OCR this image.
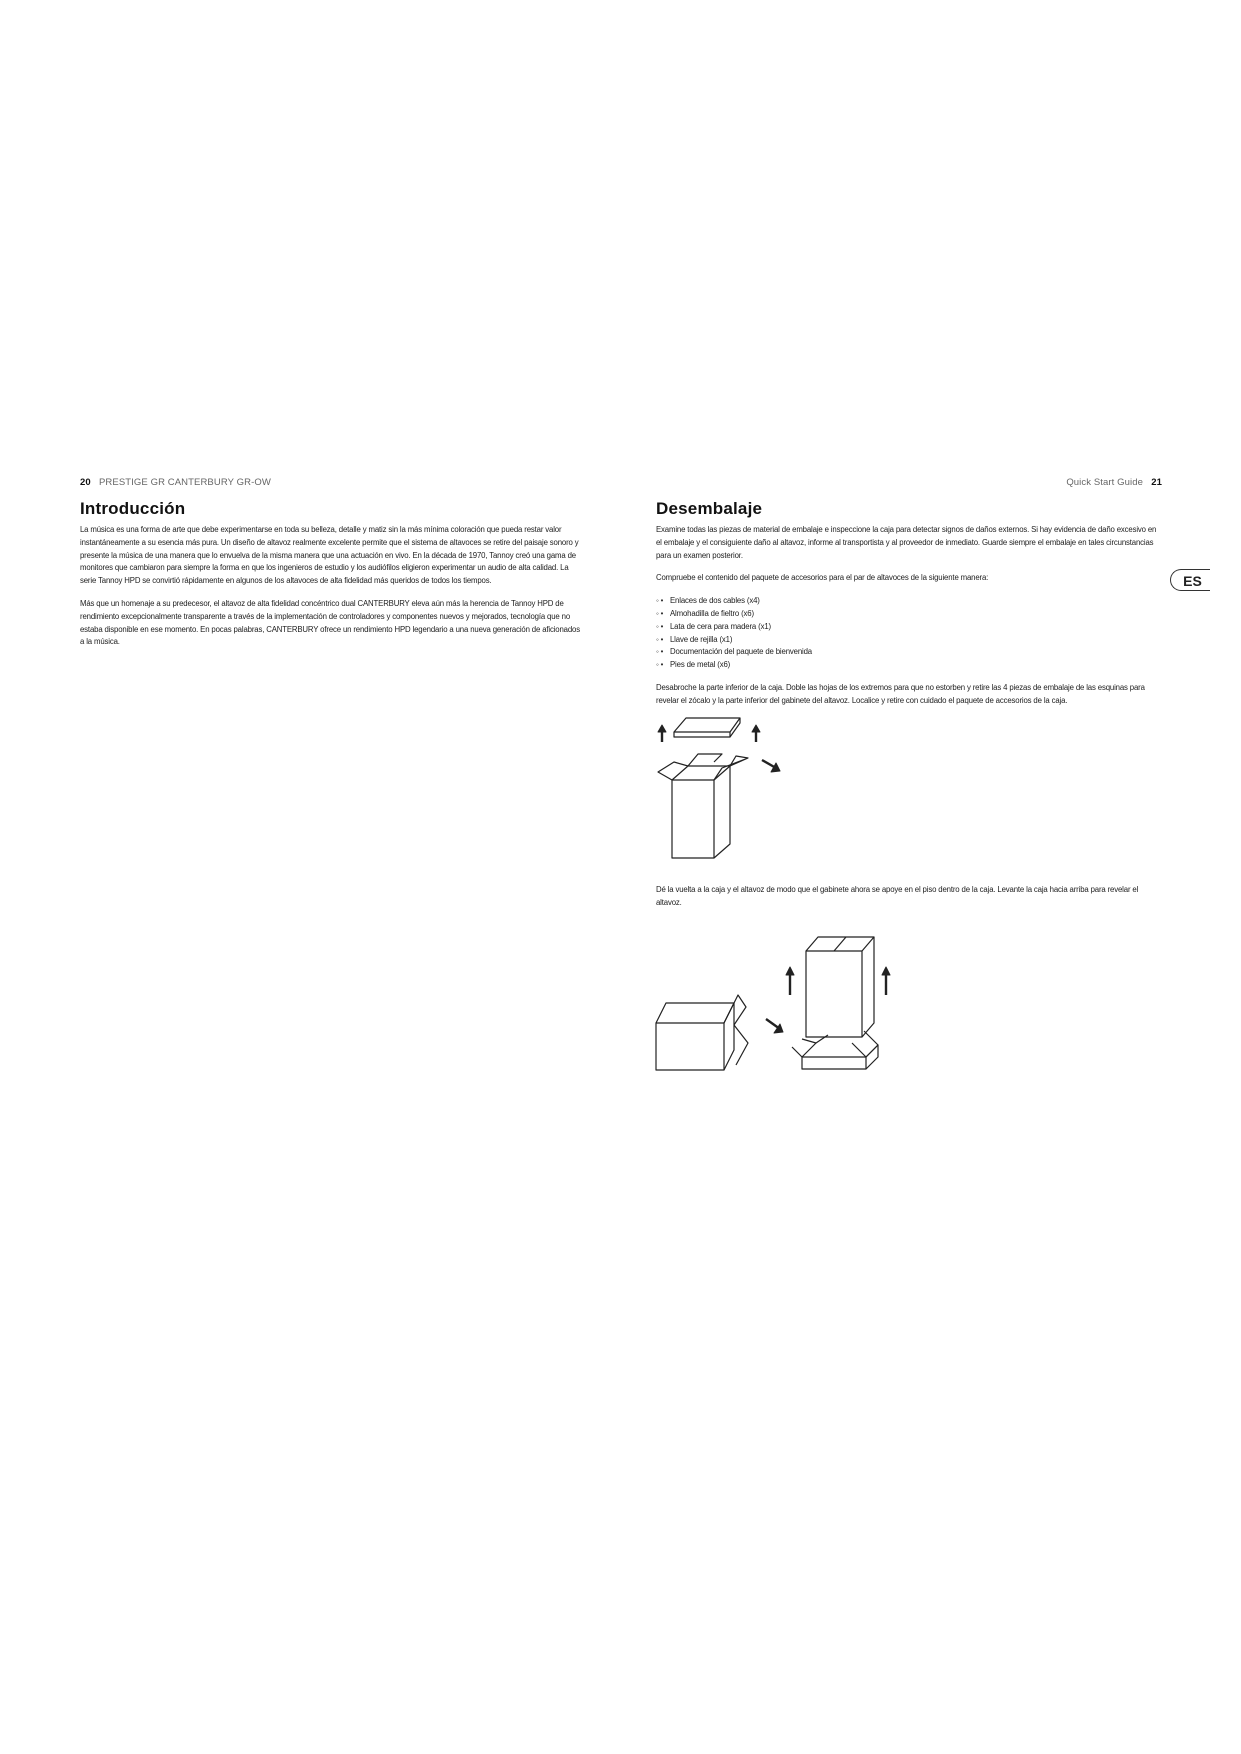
20 PRESTIGE GR CANTERBURY GR-OW	Quick Start Guide 21
Introducción

La música es una forma de arte que debe experimentarse en toda su belleza, detalle y matiz sin la más mínima coloración que pueda restar valor instantáneamente a su esencia más pura. Un diseño de altavoz realmente excelente permite que el sistema de altavoces se retire del paisaje sonoro y presente la música de una manera que lo envuelva de la misma manera que una actuación en vivo. En la década de 1970, Tannoy creó una gama de monitores que cambiaron para siempre la forma en que los ingenieros de estudio y los audiófilos eligieron experimentar un audio de alta calidad. La serie Tannoy HPD se convirtió rápidamente en algunos de los altavoces de alta fidelidad más queridos de todos los tiempos.

Más que un homenaje a su predecesor, el altavoz de alta fidelidad concéntrico dual CANTERBURY eleva aún más la herencia de Tannoy HPD de rendimiento excepcionalmente transparente a través de la implementación de controladores y componentes nuevos y mejorados, tecnología que no estaba disponible en ese momento. En pocas palabras, CANTERBURY ofrece un rendimiento HPD legendario a una nueva generación de aficionados a la música.

Desembalaje

Examine todas las piezas de material de embalaje e inspeccione la caja para detectar signos de daños externos. Si hay evidencia de daño excesivo en el embalaje y el consiguiente daño al altavoz, informe al transportista y al proveedor de inmediato. Guarde siempre el embalaje en tales circunstancias para un examen posterior.

Compruebe el contenido del paquete de accesorios para el par de altavoces de la siguiente manera:

◦ • Enlaces de dos cables (x4)
◦ • Almohadilla de fieltro (x6)
◦ • Lata de cera para madera (x1)
◦ • Llave de rejilla (x1)
◦ • Documentación del paquete de bienvenida
◦ • Pies de metal (x6)

Desabroche la parte inferior de la caja. Doble las hojas de los extremos para que no estorben y retire las 4 piezas de embalaje de las esquinas para revelar el zócalo y la parte inferior del gabinete del altavoz. Localice y retire con cuidado el paquete de accesorios de la caja.

Dé la vuelta a la caja y el altavoz de modo que el gabinete ahora se apoye en el piso dentro de la caja. Levante la caja hacia arriba para revelar el altavoz.

ES
